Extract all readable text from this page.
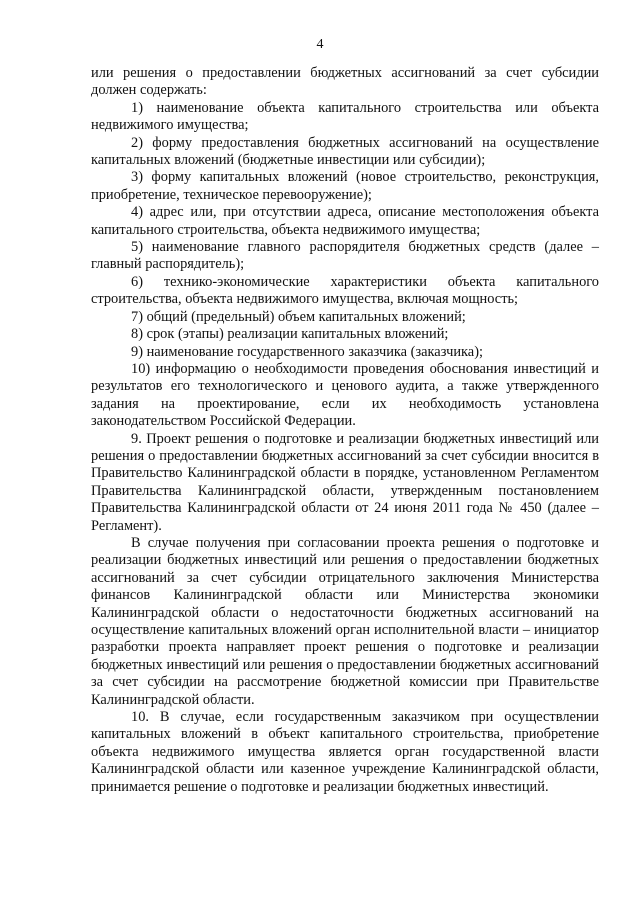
4

или решения о предоставлении бюджетных ассигнований за счет субсидии должен содержать:

1) наименование объекта капитального строительства или объекта недвижимого имущества;

2) форму предоставления бюджетных ассигнований на осуществление капитальных вложений (бюджетные инвестиции или субсидии);

3) форму капитальных вложений (новое строительство, реконструкция, приобретение, техническое перевооружение);

4) адрес или, при отсутствии адреса, описание местоположения объекта капитального строительства, объекта недвижимого имущества;

5) наименование главного распорядителя бюджетных средств (далее – главный распорядитель);

6) технико-экономические характеристики объекта капитального строительства, объекта недвижимого имущества, включая мощность;

7) общий (предельный) объем капитальных вложений;

8) срок (этапы) реализации капитальных вложений;

9) наименование государственного заказчика (заказчика);

10) информацию о необходимости проведения обоснования инвестиций и результатов его технологического и ценового аудита, а также утвержденного задания на проектирование, если их необходимость установлена законодательством Российской Федерации.

9. Проект решения о подготовке и реализации бюджетных инвестиций или решения о предоставлении бюджетных ассигнований за счет субсидии вносится в Правительство Калининградской области в порядке, установленном Регламентом Правительства Калининградской области, утвержденным постановлением Правительства Калининградской области от 24 июня 2011 года № 450 (далее – Регламент).

В случае получения при согласовании проекта решения о подготовке и реализации бюджетных инвестиций или решения о предоставлении бюджетных ассигнований за счет субсидии отрицательного заключения Министерства финансов Калининградской области или Министерства экономики Калининградской области о недостаточности бюджетных ассигнований на осуществление капитальных вложений орган исполнительной власти – инициатор разработки проекта направляет проект решения о подготовке и реализации бюджетных инвестиций или решения о предоставлении бюджетных ассигнований за счет субсидии на рассмотрение бюджетной комиссии при Правительстве Калининградской области.

10. В случае, если государственным заказчиком при осуществлении капитальных вложений в объект капитального строительства, приобретение объекта недвижимого имущества является орган государственной власти Калининградской области или казенное учреждение Калининградской области, принимается решение о подготовке и реализации бюджетных инвестиций.
